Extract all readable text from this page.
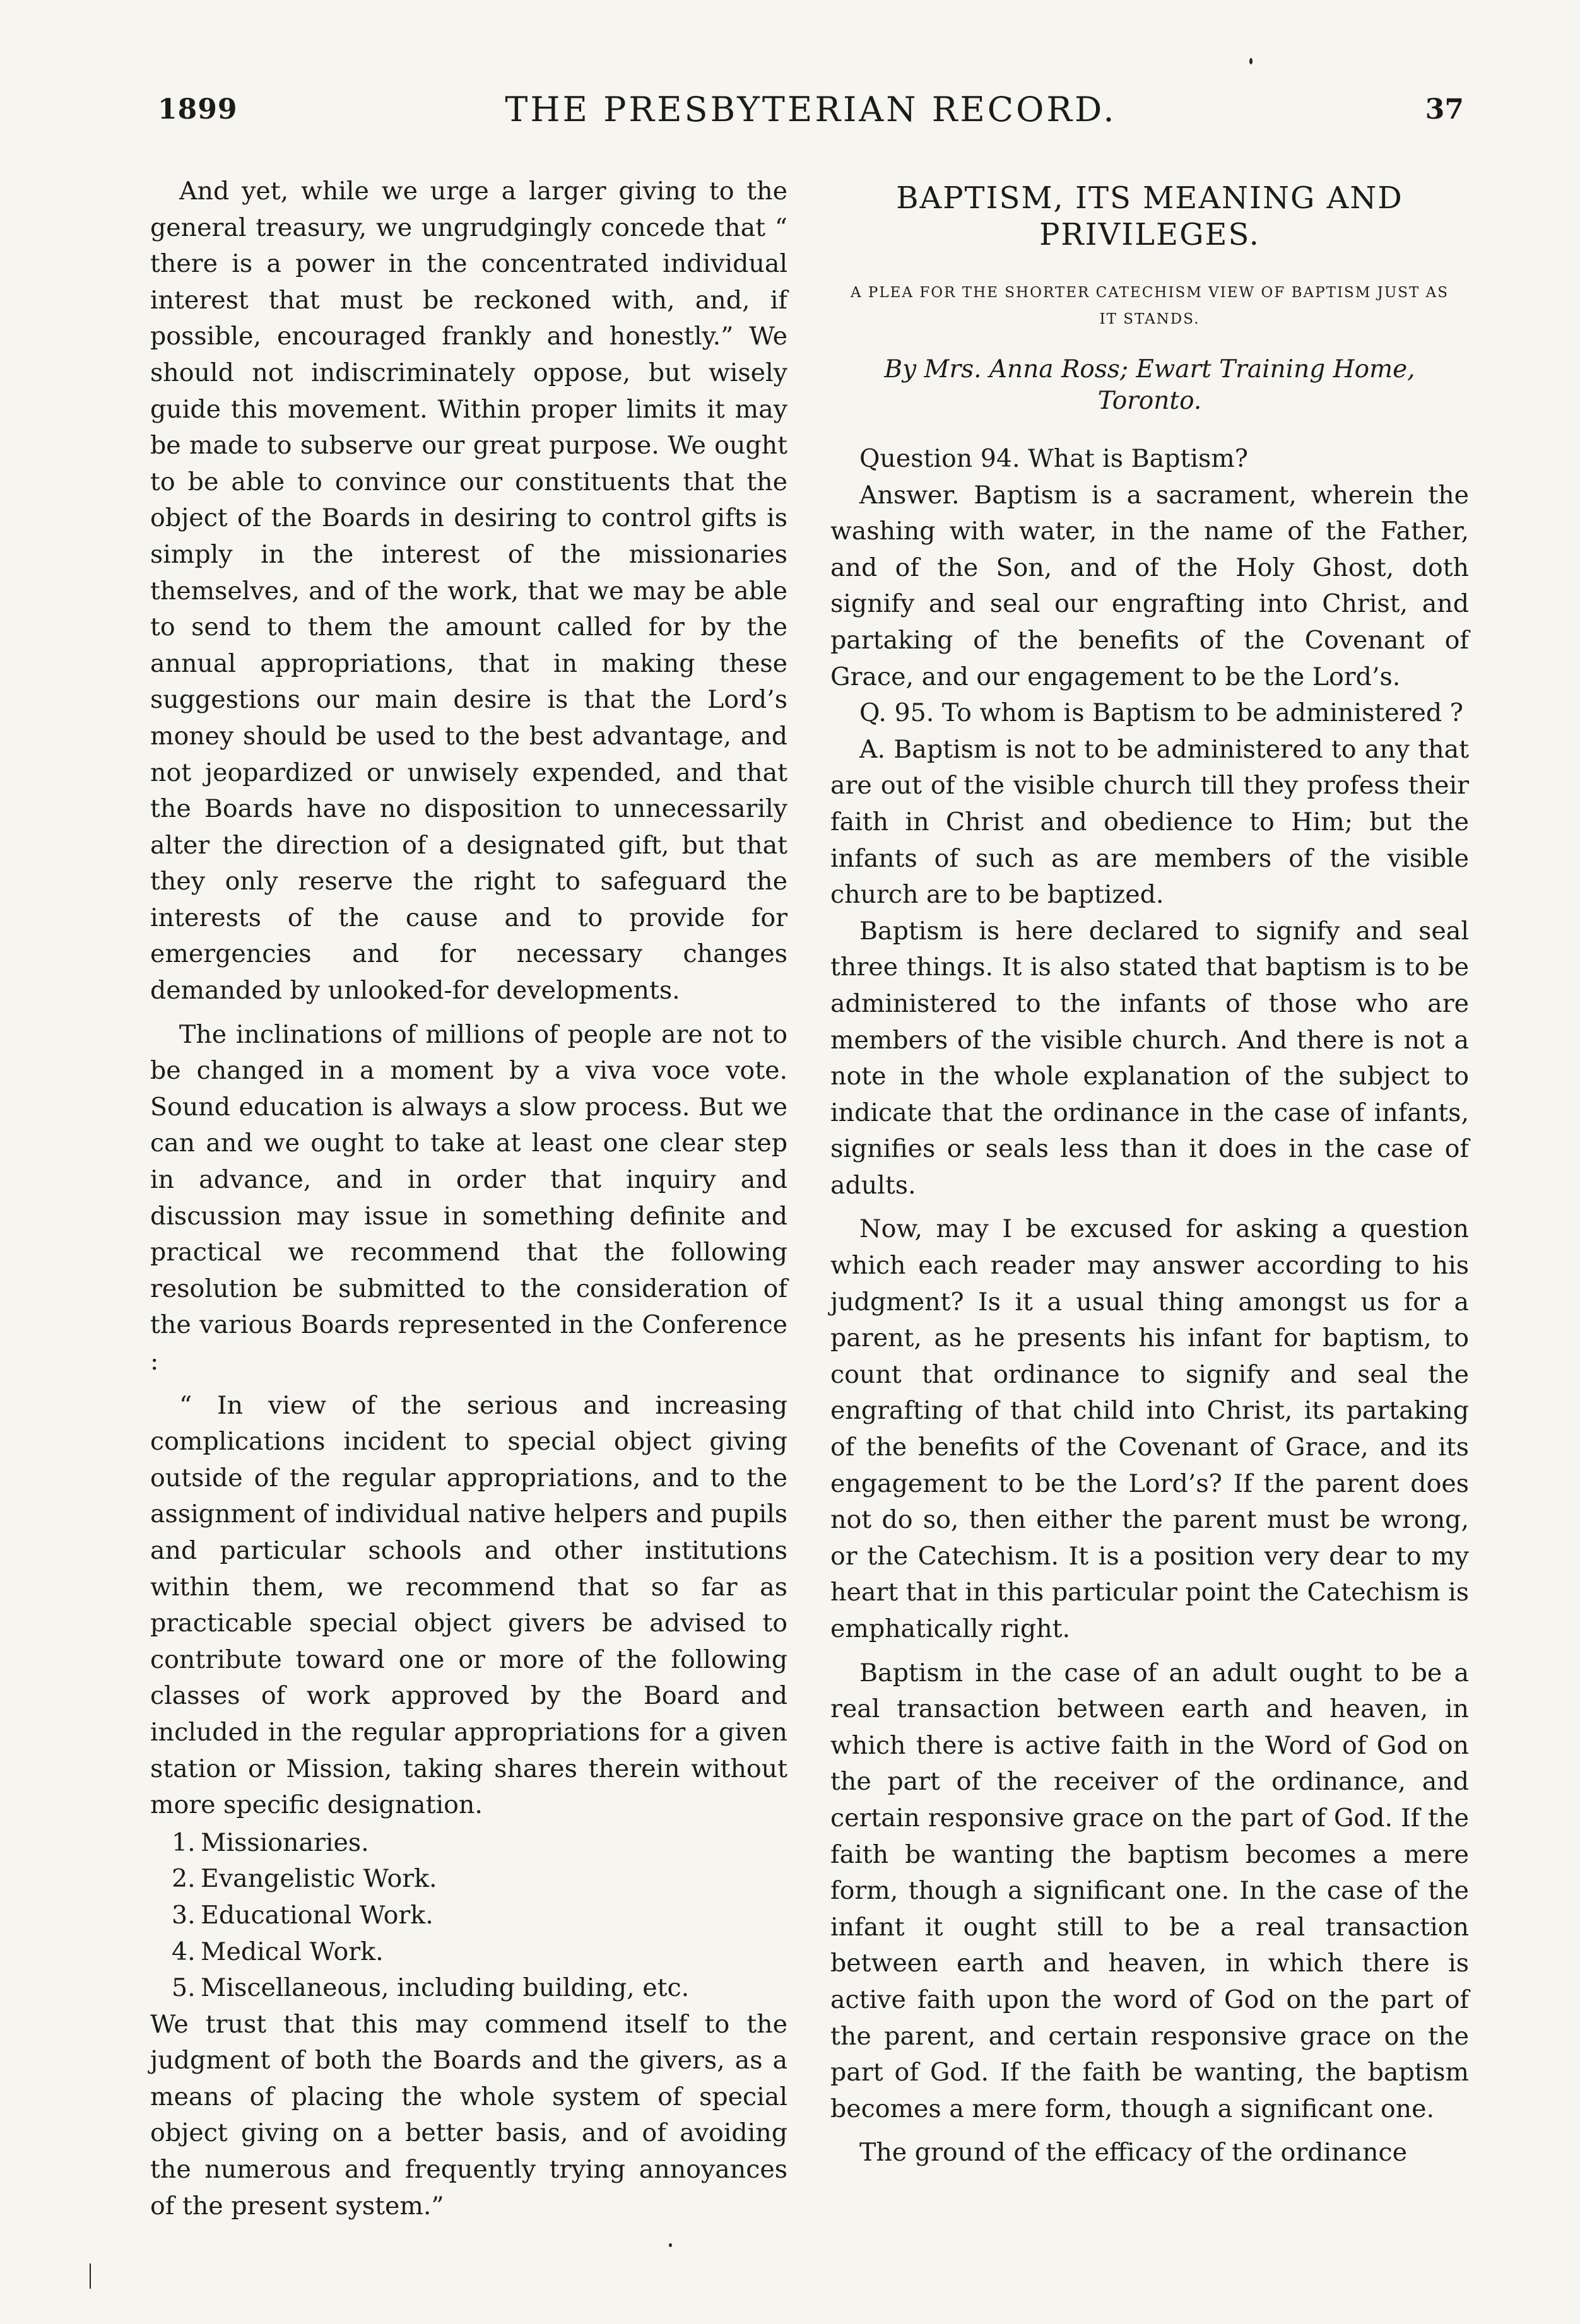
1899	THE PRESBYTERIAN RECORD.	37

And yet, while we urge a larger giving to the general treasury, we ungrudgingly concede that “ there is a power in the concentrated individual interest that must be reckoned with, and, if possible, encouraged frankly and honestly.” We should not indiscriminately oppose, but wisely guide this movement. Within proper limits it may be made to subserve our great purpose. We ought to be able to convince our constituents that the object of the Boards in desiring to control gifts is simply in the interest of the missionaries themselves, and of the work, that we may be able to send to them the amount called for by the annual appropriations, that in making these suggestions our main desire is that the Lord’s money should be used to the best advantage, and not jeopardized or unwisely expended, and that the Boards have no disposition to unnecessarily alter the direction of a designated gift, but that they only reserve the right to safeguard the interests of the cause and to provide for emergencies and for necessary changes demanded by unlooked-for developments.

The inclinations of millions of people are not to be changed in a moment by a viva voce vote. Sound education is always a slow process. But we can and we ought to take at least one clear step in advance, and in order that inquiry and discussion may issue in something definite and practical we recommend that the following resolution be submitted to the consideration of the various Boards represented in the Conference :

“ In view of the serious and increasing complications incident to special object giving outside of the regular appropriations, and to the assignment of individual native helpers and pupils and particular schools and other institutions within them, we recommend that so far as practicable special object givers be advised to contribute toward one or more of the following classes of work approved by the Board and included in the regular appropriations for a given station or Mission, taking shares therein without more specific designation.

1. Missionaries.
2. Evangelistic Work.
3. Educational Work.
4. Medical Work.
5. Miscellaneous, including building, etc.

We trust that this may commend itself to the judgment of both the Boards and the givers, as a means of placing the whole system of special object giving on a better basis, and of avoiding the numerous and frequently trying annoyances of the present system.”

BAPTISM, ITS MEANING AND PRIVILEGES.
A PLEA FOR THE SHORTER CATECHISM VIEW OF BAPTISM JUST AS IT STANDS.
By Mrs. Anna Ross; Ewart Training Home, Toronto.

Question 94. What is Baptism?

Answer. Baptism is a sacrament, wherein the washing with water, in the name of the Father, and of the Son, and of the Holy Ghost, doth signify and seal our engrafting into Christ, and partaking of the benefits of the Covenant of Grace, and our engagement to be the Lord’s.

Q. 95. To whom is Baptism to be administered ?

A. Baptism is not to be administered to any that are out of the visible church till they profess their faith in Christ and obedience to Him; but the infants of such as are members of the visible church are to be baptized.

Baptism is here declared to signify and seal three things. It is also stated that baptism is to be administered to the infants of those who are members of the visible church. And there is not a note in the whole explanation of the subject to indicate that the ordinance in the case of infants, signifies or seals less than it does in the case of adults.

Now, may I be excused for asking a question which each reader may answer according to his judgment? Is it a usual thing amongst us for a parent, as he presents his infant for baptism, to count that ordinance to signify and seal the engrafting of that child into Christ, its partaking of the benefits of the Covenant of Grace, and its engagement to be the Lord’s? If the parent does not do so, then either the parent must be wrong, or the Catechism. It is a position very dear to my heart that in this particular point the Catechism is emphatically right.

Baptism in the case of an adult ought to be a real transaction between earth and heaven, in which there is active faith in the Word of God on the part of the receiver of the ordinance, and certain responsive grace on the part of God. If the faith be wanting the baptism becomes a mere form, though a significant one. In the case of the infant it ought still to be a real transaction between earth and heaven, in which there is active faith upon the word of God on the part of the parent, and certain responsive grace on the part of God. If the faith be wanting, the baptism becomes a mere form, though a significant one.

The ground of the efficacy of the ordinance
